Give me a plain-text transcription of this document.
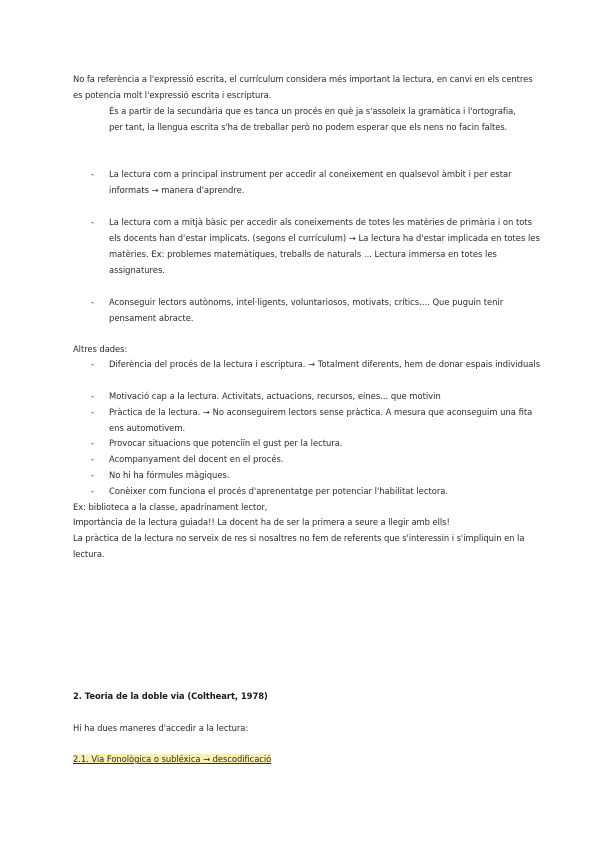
No fa referència a l'expressió escrita, el currículum considera més important la lectura, en canvi en els centres es potencia molt l'expressió escrita i escriptura.

És a partir de la secundària que es tanca un procés en què ja s'assoleix la gramàtica i l'ortografia, per tant, la llengua escrita s'ha de treballar però no podem esperar que els nens no facin faltes.

-	La lectura com a principal instrument per accedir al coneixement en qualsevol àmbit i per estar informats → manera d'aprendre.
-	La lectura com a mitjà bàsic per accedir als coneixements de totes les matèries de primària i on tots els docents han d'estar implicats. (segons el currículum) → La lectura ha d'estar implicada en totes les matèries. Ex: problemes matemàtiques, treballs de naturals ... Lectura immersa en totes les assignatures.
-	Aconseguir lectors autònoms, intel·ligents, voluntariosos, motivats, crítics.... Que puguin tenir pensament abracte.

Altres dades:

-	Diferència del procés de la lectura i escriptura. → Totalment diferents, hem de donar espais individuals
-	Motivació cap a la lectura. Activitats, actuacions, recursos, eines... que motivin
-	Pràctica de la lectura. → No aconseguirem lectors sense pràctica. A mesura que aconseguim una fita ens automotivem.
-	Provocar situacions que potenciïn el gust per la lectura.
-	Acompanyament del docent en el procés.
-	No hi ha fórmules màgiques.
-	Conèixer com funciona el procés d'aprenentatge per potenciar l'habilitat lectora.

Ex: biblioteca a la classe, apadrinament lector,

Importància de la lectura guiada!! La docent ha de ser la primera a seure a llegir amb ells!

La pràctica de la lectura no serveix de res si nosaltres no fem de referents que s'interessin i s'impliquin en la lectura.

2. Teoria de la doble via (Coltheart, 1978)

Hi ha dues maneres d'accedir a la lectura:

2.1. Via Fonològica o subléxica → descodificació
